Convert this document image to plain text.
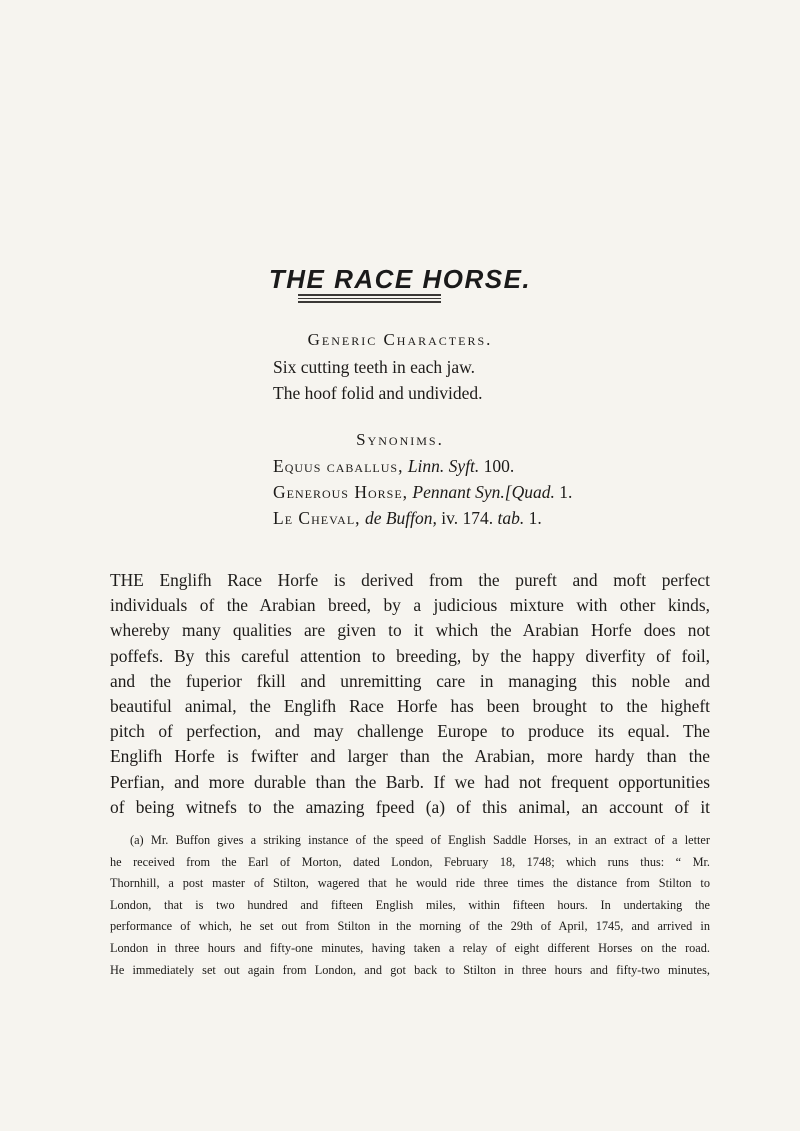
THE RACE HORSE.
Generic Characters.
Six cutting teeth in each jaw.
The hoof folid and undivided.
Synonims.
Equus caballus, Linn. Syft. 100.
Generous Horse, Pennant Syn.[Quad. 1.
Le Cheval, de Buffon, iv. 174. tab. 1.
THE Englifh Race Horfe is derived from the pureft and moft perfect
individuals of the Arabian breed, by a judicious mixture with other kinds,
whereby many qualities are given to it which the Arabian Horfe does not
poffefs. By this careful attention to breeding, by the happy diverfity of foil,
and the fuperior fkill and unremitting care in managing this noble and
beautiful animal, the Englifh Race Horfe has been brought to the higheft
pitch of perfection, and may challenge Europe to produce its equal. The
Englifh Horfe is fwifter and larger than the Arabian, more hardy than the
Perfian, and more durable than the Barb. If we had not frequent opportunities
of being witnefs to the amazing fpeed (a) of this animal, an account of it
(a) Mr. Buffon gives a striking instance of the speed of English Saddle Horses, in an extract of a letter
he received from the Earl of Morton, dated London, February 18, 1748; which runs thus: “ Mr.
Thornhill, a post master of Stilton, wagered that he would ride three times the distance from Stilton to
London, that is two hundred and fifteen English miles, within fifteen hours. In undertaking the
performance of which, he set out from Stilton in the morning of the 29th of April, 1745, and arrived in
London in three hours and fifty-one minutes, having taken a relay of eight different Horses on the road.
He immediately set out again from London, and got back to Stilton in three hours and fifty-two minutes,
